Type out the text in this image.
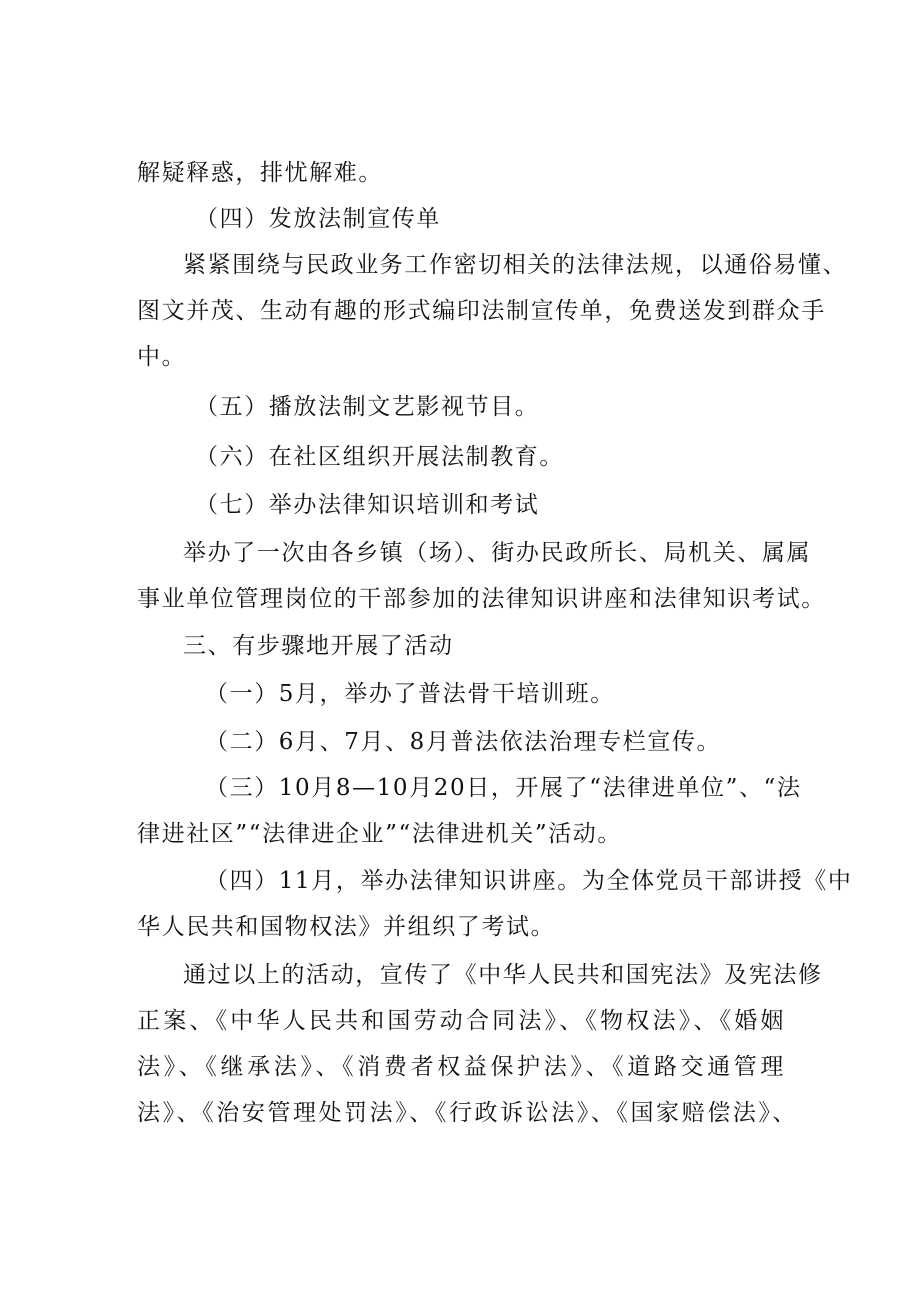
解疑释惑，排忧解难。
（四）发放法制宣传单
紧紧围绕与民政业务工作密切相关的法律法规，以通俗易懂、
图文并茂、生动有趣的形式编印法制宣传单，免费送发到群众手
中。
（五）播放法制文艺影视节目。
（六）在社区组织开展法制教育。
（七）举办法律知识培训和考试
举办了一次由各乡镇（场）、街办民政所长、局机关、属属
事业单位管理岗位的干部参加的法律知识讲座和法律知识考试。
三、有步骤地开展了活动
（一）5月，举办了普法骨干培训班。
（二）6月、7月、8月普法依法治理专栏宣传。
（三）10月8—10月20日，开展了“法律进单位”、“法
律进社区”“法律进企业”“法律进机关”活动。
（四）11月，举办法律知识讲座。为全体党员干部讲授《中
华人民共和国物权法》并组织了考试。
通过以上的活动，宣传了《中华人民共和国宪法》及宪法修
正案、《中华人民共和国劳动合同法》、《物权法》、《婚姻
法》、《继承法》、《消费者权益保护法》、《道路交通管理
法》、《治安管理处罚法》、《行政诉讼法》、《国家赔偿法》、
